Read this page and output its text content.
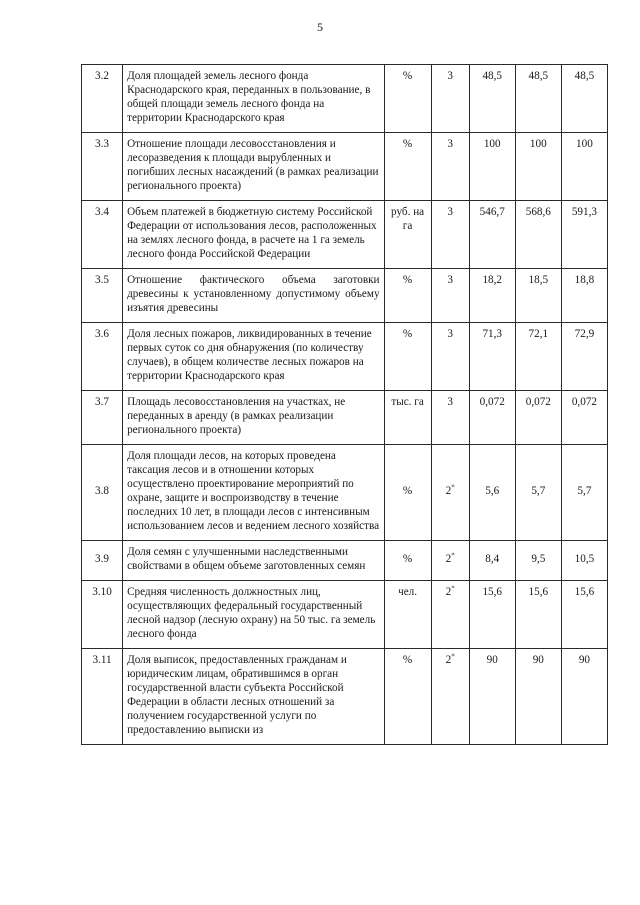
5
3.2	Доля площадей земель лесного фонда Краснодарского края, переданных в пользование, в общей площади земель лесного фонда на территории Краснодарского края	%	3	48,5	48,5	48,5
3.3	Отношение площади лесовосстановления и лесоразведения к площади вырубленных и погибших лесных насаждений (в рамках реализации регионального проекта)	%	3	100	100	100
3.4	Объем платежей в бюджетную систему Российской Федерации от использования лесов, расположенных на землях лесного фонда, в расчете на 1 га земель лесного фонда Российской Федерации	руб. на га	3	546,7	568,6	591,3
3.5	Отношение фактического объема заготовки древесины к установленному допустимому объему изъятия древесины	%	3	18,2	18,5	18,8
3.6	Доля лесных пожаров, ликвидированных в течение первых суток со дня обнаружения (по количеству случаев), в общем количестве лесных пожаров на территории Краснодарского края	%	3	71,3	72,1	72,9
3.7	Площадь лесовосстановления на участках, не переданных в аренду (в рамках реализации регионального проекта)	тыс. га	3	0,072	0,072	0,072
3.8	Доля площади лесов, на которых проведена таксация лесов и в отношении которых осуществлено проектирование мероприятий по охране, защите и воспроизводству в течение последних 10 лет, в площади лесов с интенсивным использованием лесов и ведением лесного хозяйства	%	2*	5,6	5,7	5,7
3.9	Доля семян с улучшенными наследственными свойствами в общем объеме заготовленных семян	%	2*	8,4	9,5	10,5
3.10	Средняя численность должностных лиц, осуществляющих федеральный государственный лесной надзор (лесную охрану) на 50 тыс. га земель лесного фонда	чел.	2*	15,6	15,6	15,6
3.11	Доля выписок, предоставленных гражданам и юридическим лицам, обратившимся в орган государственной власти субъекта Российской Федерации в области лесных отношений за получением государственной услуги по предоставлению выписки из	%	2*	90	90	90
